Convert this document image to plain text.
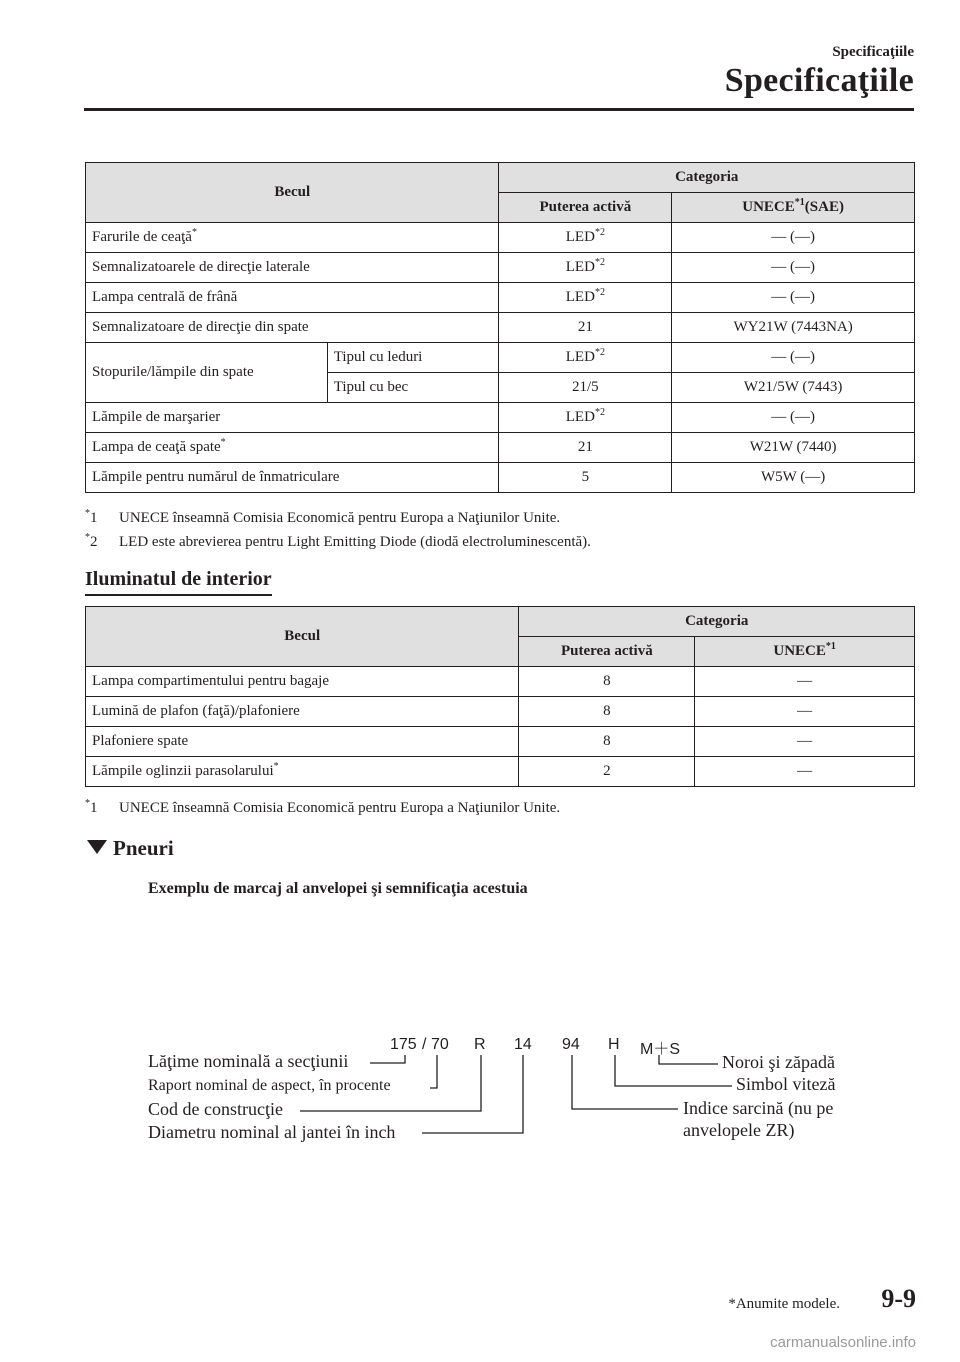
Specificaţiile
Specificaţiile
Becul		Categoria	
		Puterea activă	UNECE$^{*1}$(SAE)
Farurile de ceaţă*		LED$^{*2}$	— (—)
Semnalizatoarele de direcţie laterale		LED$^{*2}$	— (—)
Lampa centrală de frână		LED$^{*2}$	— (—)
Semnalizatoare de direcţie din spate		21	WY21W (7443NA)
Stopurile/lămpile din spate	Tipul cu leduri	LED$^{*2}$	— (—)
	Tipul cu bec	21/5	W21/5W (7443)
Lămpile de marşarier		LED$^{*2}$	— (—)
Lampa de ceaţă spate*		21	W21W (7440)
Lămpile pentru numărul de înmatriculare		5	W5W (—)
*1 UNECE înseamnă Comisia Economică pentru Europa a Naţiunilor Unite.
*2 LED este abrevierea pentru Light Emitting Diode (diodă electroluminescentă).
Iluminatul de interior
Becul	Categoria	
	Puterea activă	UNECE$^{*1}$
Lampa compartimentului pentru bagaje	8	—
Lumină de plafon (faţă)/plafoniere	8	—
Plafoniere spate	8	—
Lămpile oglinzii parasolarului*	2	—
*1 UNECE înseamnă Comisia Economică pentru Europa a Naţiunilor Unite.
Pneuri
Exemplu de marcaj al anvelopei şi semnificaţia acestuia
175 / 70 R 14 94 H M＋S
Lăţime nominală a secţiunii
Raport nominal de aspect, în procente
Cod de construcţie
Diametru nominal al jantei în inch
Noroi şi zăpadă
Simbol viteză
Indice sarcină (nu pe
anvelopele ZR)
*Anumite modele. 9-9
carmanualsonline.info
